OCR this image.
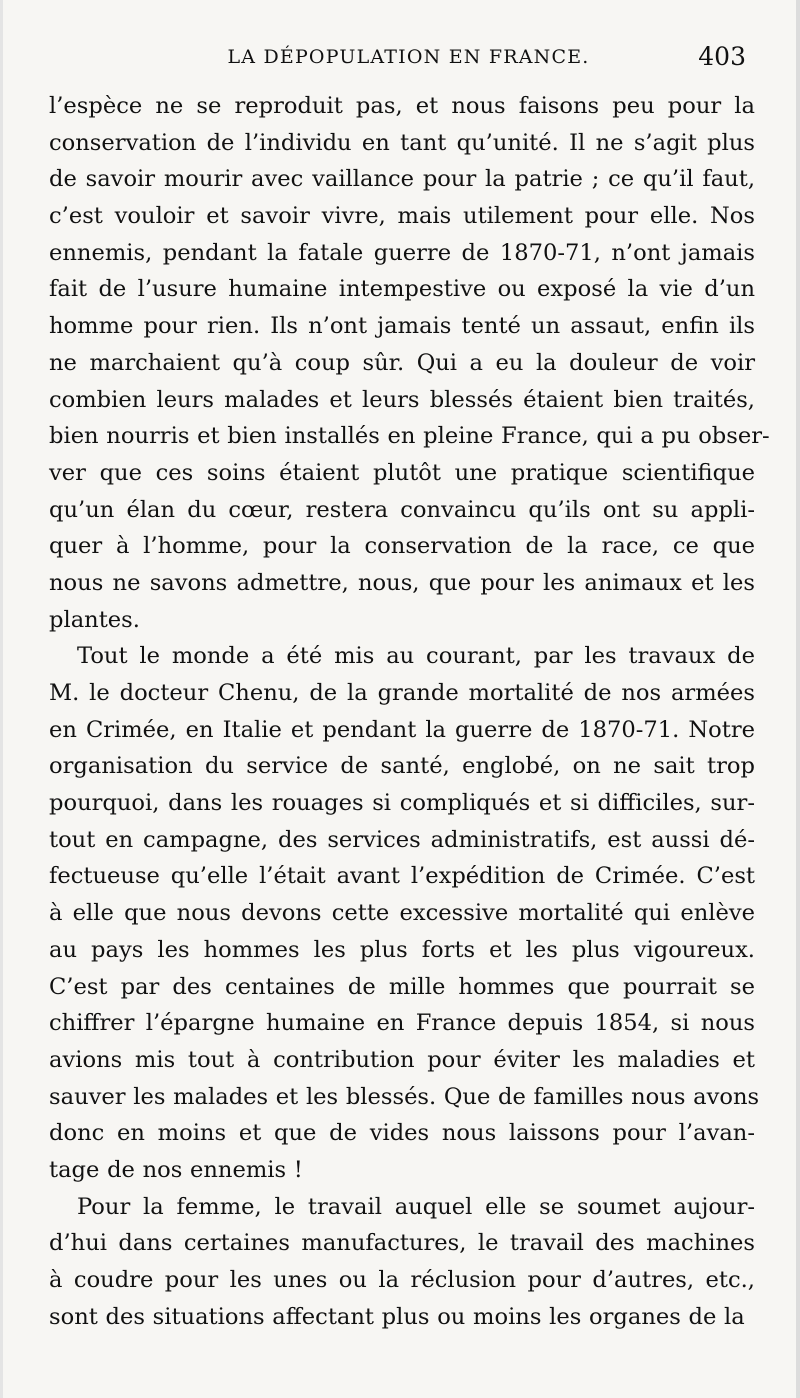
LA DÉPOPULATION EN FRANCE.	403
l’espèce ne se reproduit pas, et nous faisons peu pour la
conservation de l’individu en tant qu’unité. Il ne s’agit plus
de savoir mourir avec vaillance pour la patrie ; ce qu’il faut,
c’est vouloir et savoir vivre, mais utilement pour elle. Nos
ennemis, pendant la fatale guerre de 1870-71, n’ont jamais
fait de l’usure humaine intempestive ou exposé la vie d’un
homme pour rien. Ils n’ont jamais tenté un assaut, enfin ils
ne marchaient qu’à coup sûr. Qui a eu la douleur de voir
combien leurs malades et leurs blessés étaient bien traités,
bien nourris et bien installés en pleine France, qui a pu obser-
ver que ces soins étaient plutôt une pratique scientifique
qu’un élan du cœur, restera convaincu qu’ils ont su appli-
quer à l’homme, pour la conservation de la race, ce que
nous ne savons admettre, nous, que pour les animaux et les
plantes.
Tout le monde a été mis au courant, par les travaux de
M. le docteur Chenu, de la grande mortalité de nos armées
en Crimée, en Italie et pendant la guerre de 1870-71. Notre
organisation du service de santé, englobé, on ne sait trop
pourquoi, dans les rouages si compliqués et si difficiles, sur-
tout en campagne, des services administratifs, est aussi dé-
fectueuse qu’elle l’était avant l’expédition de Crimée. C’est
à elle que nous devons cette excessive mortalité qui enlève
au pays les hommes les plus forts et les plus vigoureux.
C’est par des centaines de mille hommes que pourrait se
chiffrer l’épargne humaine en France depuis 1854, si nous
avions mis tout à contribution pour éviter les maladies et
sauver les malades et les blessés. Que de familles nous avons
donc en moins et que de vides nous laissons pour l’avan-
tage de nos ennemis !
Pour la femme, le travail auquel elle se soumet aujour-
d’hui dans certaines manufactures, le travail des machines
à coudre pour les unes ou la réclusion pour d’autres, etc.,
sont des situations affectant plus ou moins les organes de la
